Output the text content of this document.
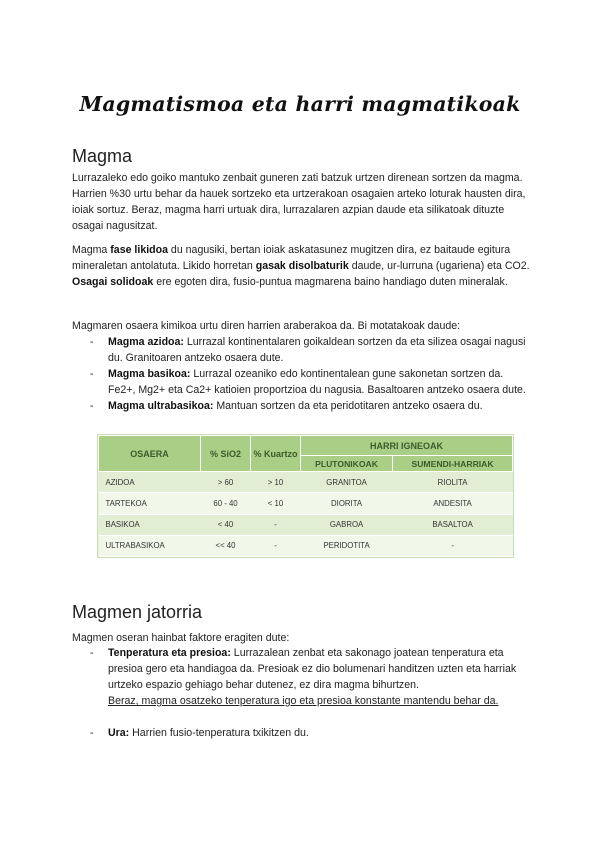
Magmatismoa eta harri magmatikoak
Magma

Lurrazaleko edo goiko mantuko zenbait guneren zati batzuk urtzen direnean sortzen da magma. Harrien %30 urtu behar da hauek sortzeko eta urtzerakoan osagaien arteko loturak hausten dira, ioiak sortuz. Beraz, magma harri urtuak dira, lurrazalaren azpian daude eta silikatoak dituzte osagai nagusitzat.

Magma fase likidoa du nagusiki, bertan ioiak askatasunez mugitzen dira, ez baitaude egitura mineraletan antolatuta. Likido horretan gasak disolbaturik daude, ur-lurruna (ugariena) eta CO2. Osagai solidoak ere egoten dira, fusio-puntua magmarena baino handiago duten mineralak.

Magmaren osaera kimikoa urtu diren harrien araberakoa da. Bi motatakoak daude:

- Magma azidoa: Lurrazal kontinentalaren goikaldean sortzen da eta silizea osagai nagusi du. Granitoaren antzeko osaera dute.
- Magma basikoa: Lurrazal ozeaniko edo kontinentalean gune sakonetan sortzen da. Fe2+, Mg2+ eta Ca2+ katioien proportzioa du nagusia. Basaltoaren antzeko osaera dute.
- Magma ultrabasikoa: Mantuan sortzen da eta peridotitaren antzeko osaera du.
OSAERA	% SiO2	% Kuartzo	HARRI IGNEOAK	
			PLUTONIKOAK	SUMENDI-HARRIAK
AZIDOA	> 60	> 10	GRANITOA	RIOLITA
TARTEKOA	60 - 40	< 10	DIORITA	ANDESITA
BASIKOA	< 40	-	GABROA	BASALTOA
ULTRABASIKOA	<< 40	-	PERIDOTITA	-
Magmen jatorria

Magmen oseran hainbat faktore eragiten dute:

- Tenperatura eta presioa: Lurrazalean zenbat eta sakonago joatean tenperatura eta presioa gero eta handiagoa da. Presioak ez dio bolumenari handitzen uzten eta harriak urtzeko espazio gehiago behar dutenez, ez dira magma bihurtzen.
Beraz, magma osatzeko tenperatura igo eta presioa konstante mantendu behar da.
- Ura: Harrien fusio-tenperatura txikitzen du.
